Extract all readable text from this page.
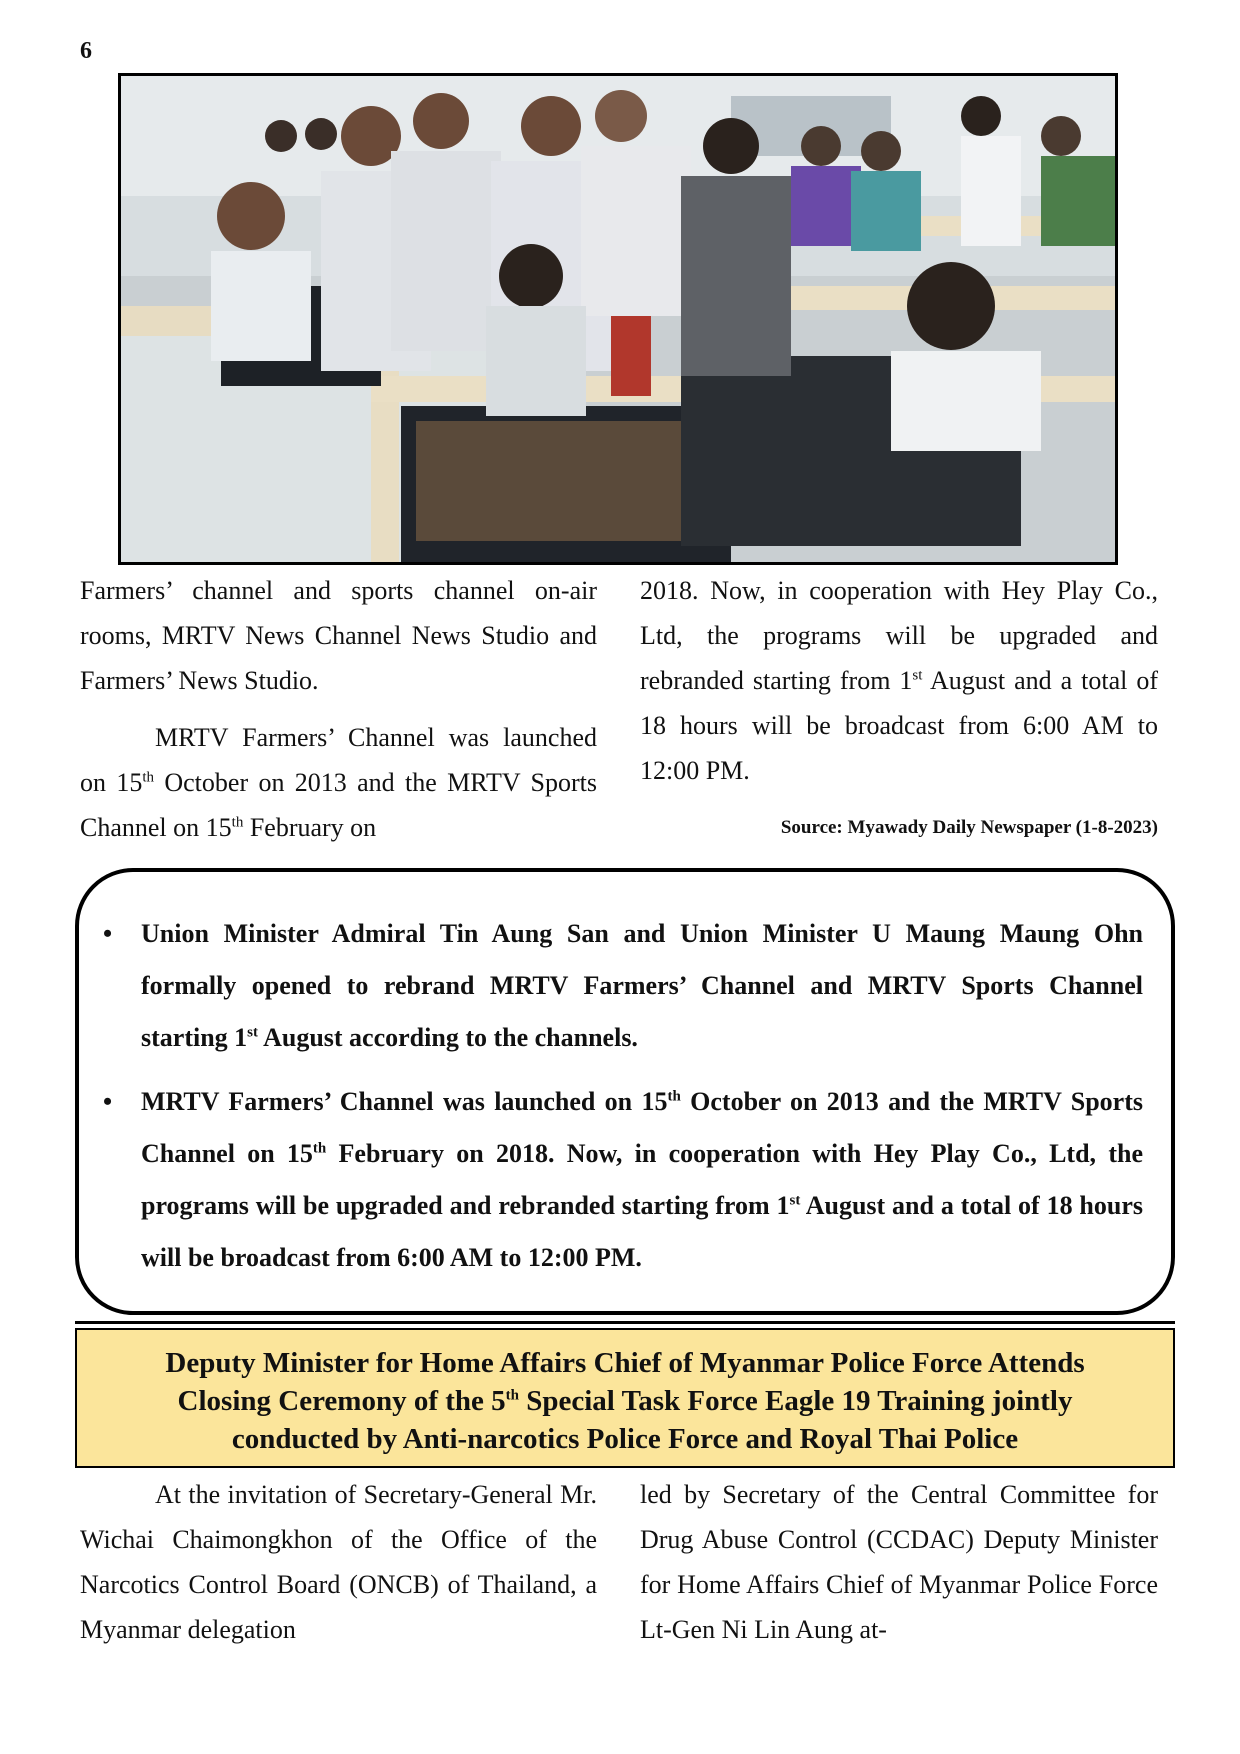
6

Farmers’ channel and sports channel on-air rooms, MRTV News Channel News Studio and Farmers’ News Studio.

MRTV Farmers’ Channel was launched on 15th October on 2013 and the MRTV Sports Channel on 15th February on

2018. Now, in cooperation with Hey Play Co., Ltd, the programs will be upgraded and rebranded starting from 1st August and a total of 18 hours will be broadcast from 6:00 AM to 12:00 PM.

Source: Myawady Daily Newspaper (1-8-2023)
• Union Minister Admiral Tin Aung San and Union Minister U Maung Maung Ohn formally opened to rebrand MRTV Farmers’ Channel and MRTV Sports Channel starting 1st August according to the channels.
• MRTV Farmers’ Channel was launched on 15th October on 2013 and the MRTV Sports Channel on 15th February on 2018. Now, in cooperation with Hey Play Co., Ltd, the programs will be upgraded and rebranded starting from 1st August and a total of 18 hours will be broadcast from 6:00 AM to 12:00 PM.
Deputy Minister for Home Affairs Chief of Myanmar Police Force Attends
Closing Ceremony of the 5th Special Task Force Eagle 19 Training jointly
conducted by Anti-narcotics Police Force and Royal Thai Police

At the invitation of Secretary-General Mr. Wichai Chaimongkhon of the Office of the Narcotics Control Board (ONCB) of Thailand, a Myanmar delegation

led by Secretary of the Central Committee for Drug Abuse Control (CCDAC) Deputy Minister for Home Affairs Chief of Myanmar Police Force Lt-Gen Ni Lin Aung at-
